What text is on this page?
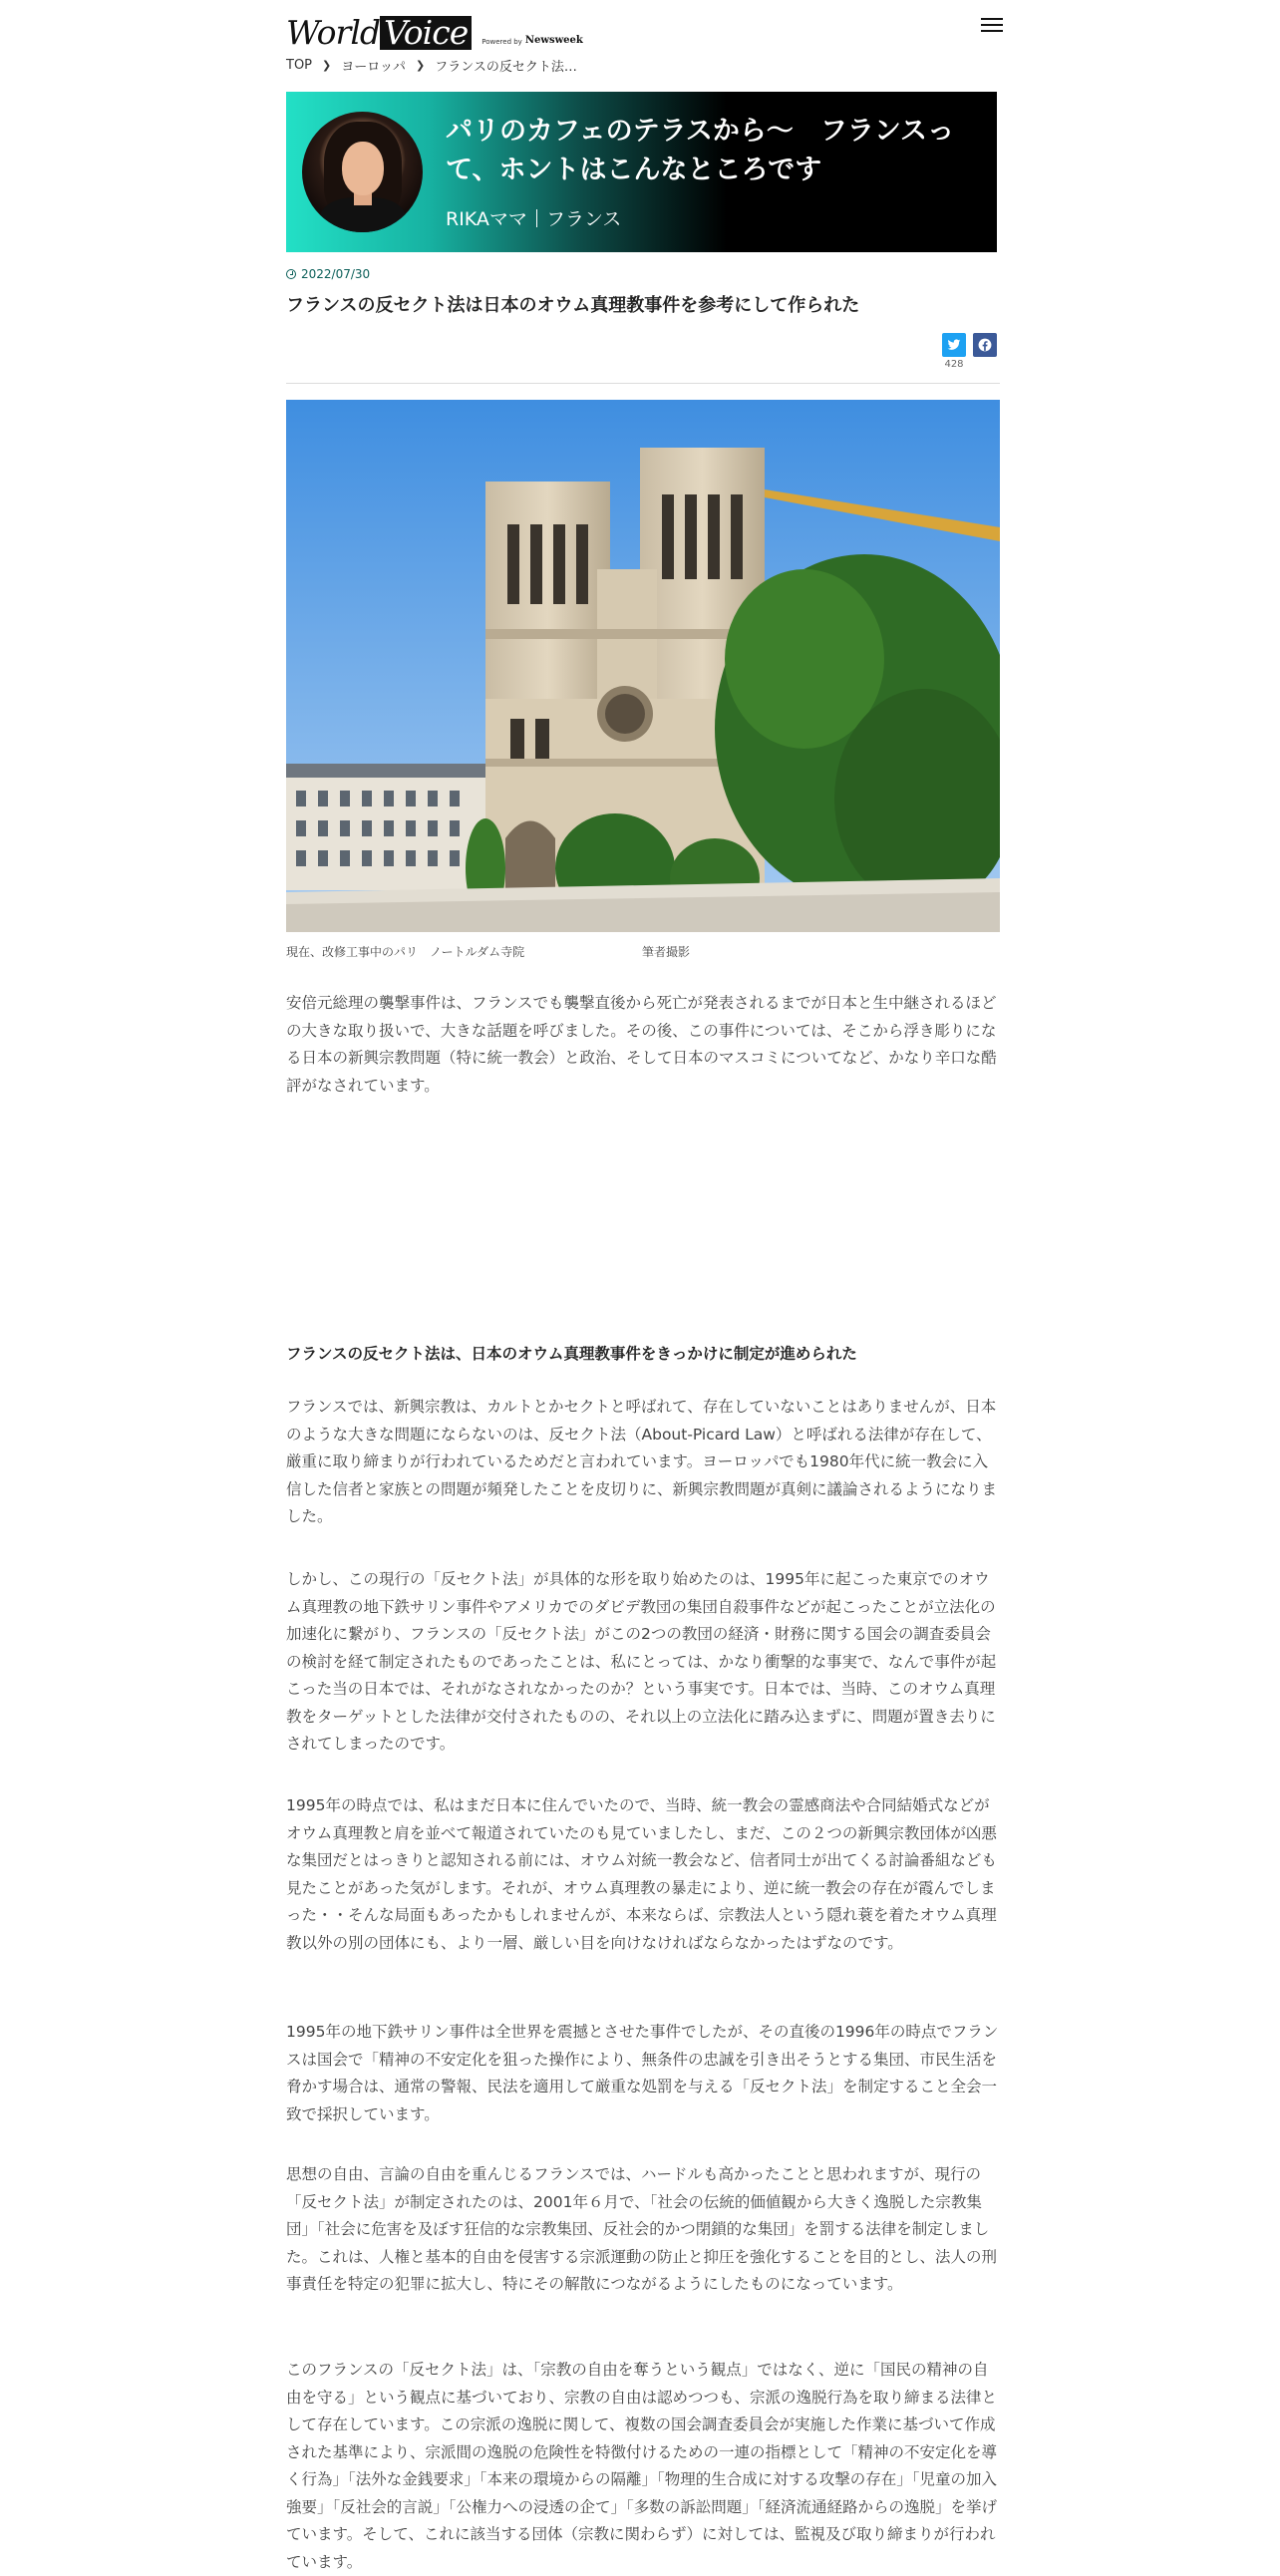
World Voice	Powered by Newsweek
TOP ❯ ヨーロッパ ❯ フランスの反セクト法…
パリのカフェのテラスから〜　フランスって、ホントはこんなところです
RIKAママ フランス
2022/07/30
フランスの反セクト法は日本のオウム真理教事件を参考にして作られた
428
現在、改修工事中のパリ　ノートルダム寺院	筆者撮影
安倍元総理の襲撃事件は、フランスでも襲撃直後から死亡が発表されるまでが日本と生中継されるほどの大きな取り扱いで、大きな話題を呼びました。その後、この事件については、そこから浮き彫りになる日本の新興宗教問題（特に統一教会）と政治、そして日本のマスコミについてなど、かなり辛口な酷評がなされています。
フランスの反セクト法は、日本のオウム真理教事件をきっかけに制定が進められた
フランスでは、新興宗教は、カルトとかセクトと呼ばれて、存在していないことはありませんが、日本のような大きな問題にならないのは、反セクト法（About-Picard Law）と呼ばれる法律が存在して、厳重に取り締まりが行われているためだと言われています。ヨーロッパでも1980年代に統一教会に入信した信者と家族との問題が頻発したことを皮切りに、新興宗教問題が真剣に議論されるようになりました。
しかし、この現行の「反セクト法」が具体的な形を取り始めたのは、1995年に起こった東京でのオウム真理教の地下鉄サリン事件やアメリカでのダビデ教団の集団自殺事件などが起こったことが立法化の加速化に繋がり、フランスの「反セクト法」がこの2つの教団の経済・財務に関する国会の調査委員会の検討を経て制定されたものであったことは、私にとっては、かなり衝撃的な事実で、なんで事件が起こった当の日本では、それがなされなかったのか？という事実です。日本では、当時、このオウム真理教をターゲットとした法律が交付されたものの、それ以上の立法化に踏み込まずに、問題が置き去りにされてしまったのです。
1995年の時点では、私はまだ日本に住んでいたので、当時、統一教会の霊感商法や合同結婚式などがオウム真理教と肩を並べて報道されていたのも見ていましたし、まだ、この２つの新興宗教団体が凶悪な集団だとはっきりと認知される前には、オウム対統一教会など、信者同士が出てくる討論番組なども見たことがあった気がします。それが、オウム真理教の暴走により、逆に統一教会の存在が霞んでしまった・・そんな局面もあったかもしれませんが、本来ならば、宗教法人という隠れ蓑を着たオウム真理教以外の別の団体にも、より一層、厳しい目を向けなければならなかったはずなのです。
1995年の地下鉄サリン事件は全世界を震撼とさせた事件でしたが、その直後の1996年の時点でフランスは国会で「精神の不安定化を狙った操作により、無条件の忠誠を引き出そうとする集団、市民生活を脅かす場合は、通常の警報、民法を適用して厳重な処罰を与える「反セクト法」を制定すること全会一致で採択しています。
思想の自由、言論の自由を重んじるフランスでは、ハードルも高かったことと思われますが、現行の「反セクト法」が制定されたのは、2001年６月で、「社会の伝統的価値観から大きく逸脱した宗教集団」「社会に危害を及ぼす狂信的な宗教集団、反社会的かつ閉鎖的な集団」を罰する法律を制定しました。これは、人権と基本的自由を侵害する宗派運動の防止と抑圧を強化することを目的とし、法人の刑事責任を特定の犯罪に拡大し、特にその解散につながるようにしたものになっています。
このフランスの「反セクト法」は、「宗教の自由を奪うという観点」ではなく、逆に「国民の精神の自由を守る」という観点に基づいており、宗教の自由は認めつつも、宗派の逸脱行為を取り締まる法律として存在しています。この宗派の逸脱に関して、複数の国会調査委員会が実施した作業に基づいて作成された基準により、宗派間の逸脱の危険性を特徴付けるための一連の指標として「精神の不安定化を導く行為」「法外な金銭要求」「本来の環境からの隔離」「物理的生合成に対する攻撃の存在」「児童の加入強要」「反社会的言説」「公権力への浸透の企て」「多数の訴訟問題」「経済流通経路からの逸脱」を挙げています。そして、これに該当する団体（宗教に関わらず）に対しては、監視及び取り締まりが行われています。
